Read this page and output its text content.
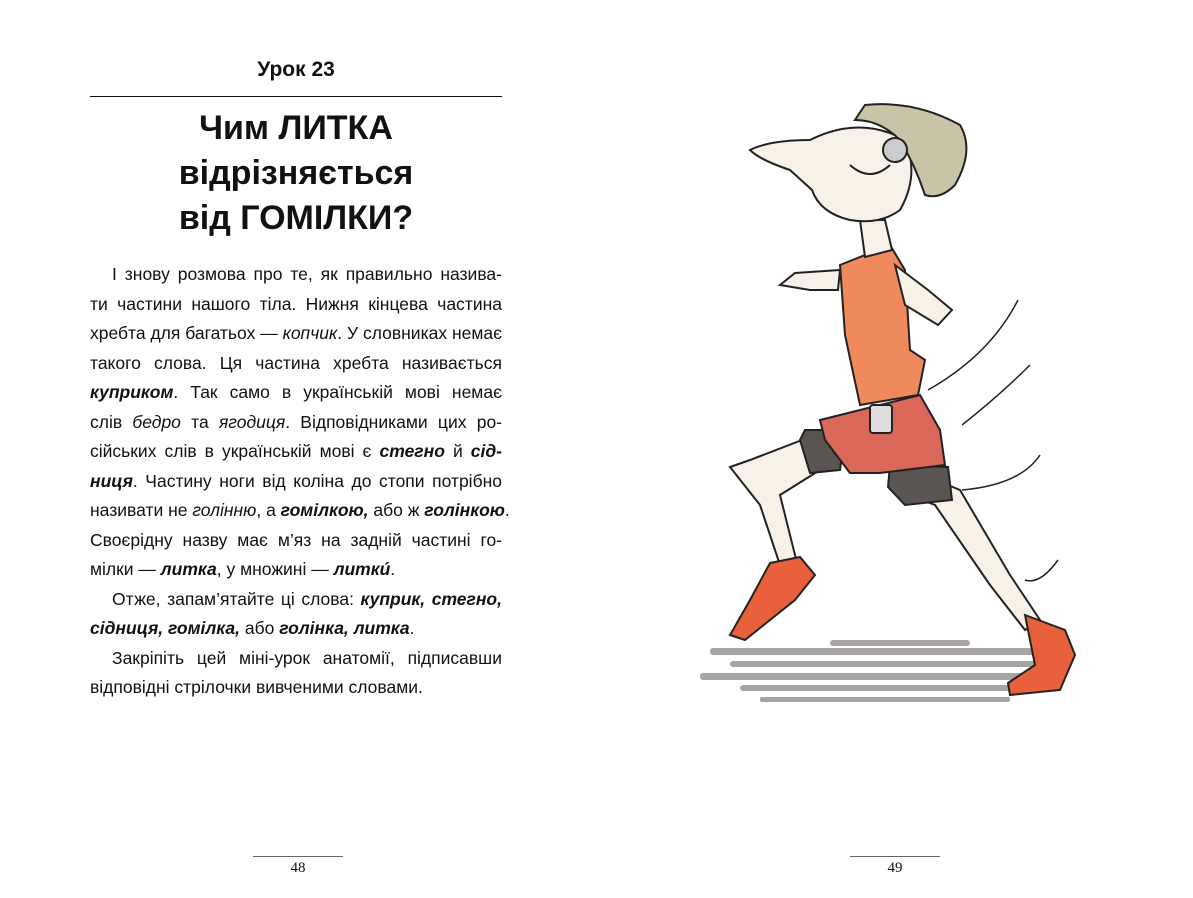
Урок 23
Чим ЛИТКА
відрізняється
від ГОМІЛКИ?
І знову розмова про те, як правильно назива-
ти частини нашого тіла. Нижня кінцева частина
хребта для багатьох — копчик. У словниках немає
такого слова. Ця частина хребта називається
куприком. Так само в українській мові немає
слів бедро та ягодиця. Відповідниками цих ро-
сійських слів в українській мові є стегно й сід-
ниця. Частину ноги від коліна до стопи потрібно
називати не голінню, а гомілкою, або ж голінкою.
Своєрідну назву має м’яз на задній частині го-
мілки — литка, у множині — литкú.
Отже, запам’ятайте ці слова: куприк, стегно,
сідниця, гомілка, або голінка, литка.
Закріпіть цей міні-урок анатомії, підписавши
відповідні стрілочки вивченими словами.
48	49
